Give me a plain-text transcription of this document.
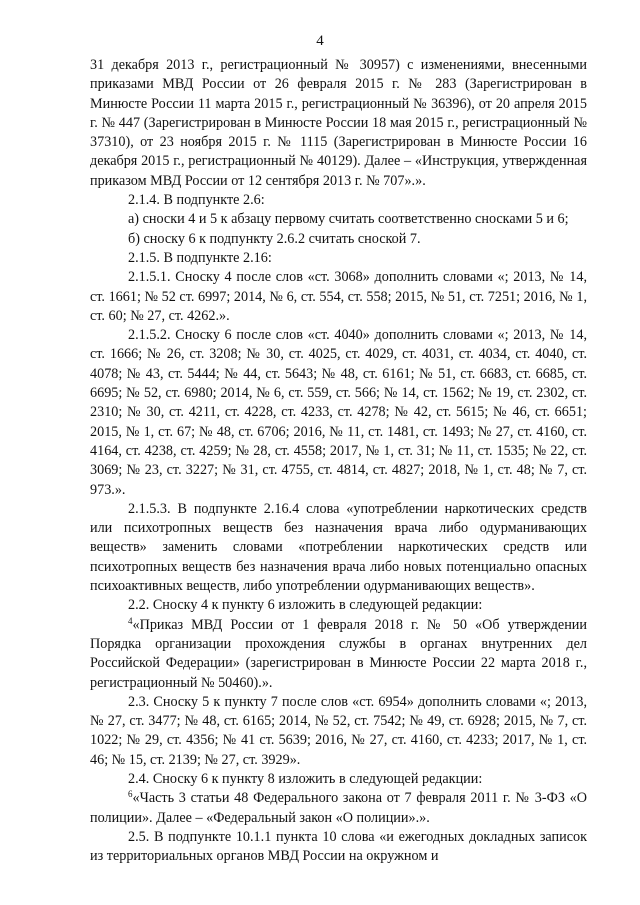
4

31 декабря 2013 г., регистрационный № 30957) с изменениями, внесенными приказами МВД России от 26 февраля 2015 г. № 283 (Зарегистрирован в Минюсте России 11 марта 2015 г., регистрационный № 36396), от 20 апреля 2015 г. № 447 (Зарегистрирован в Минюсте России 18 мая 2015 г., регистрационный № 37310), от 23 ноября 2015 г. № 1115 (Зарегистрирован в Минюсте России 16 декабря 2015 г., регистрационный № 40129). Далее – «Инструкция, утвержденная приказом МВД России от 12 сентября 2013 г. № 707».».

2.1.4. В подпункте 2.6:

а) сноски 4 и 5 к абзацу первому считать соответственно сносками 5 и 6;

б) сноску 6 к подпункту 2.6.2 считать сноской 7.

2.1.5. В подпункте 2.16:

2.1.5.1. Сноску 4 после слов «ст. 3068» дополнить словами «; 2013, № 14, ст. 1661; № 52 ст. 6997; 2014, № 6, ст. 554, ст. 558; 2015, № 51, ст. 7251; 2016, № 1, ст. 60; № 27, ст. 4262.».

2.1.5.2. Сноску 6 после слов «ст. 4040» дополнить словами «; 2013, № 14, ст. 1666; № 26, ст. 3208; № 30, ст. 4025, ст. 4029, ст. 4031, ст. 4034, ст. 4040, ст. 4078; № 43, ст. 5444; № 44, ст. 5643; № 48, ст. 6161; № 51, ст. 6683, ст. 6685, ст. 6695; № 52, ст. 6980; 2014, № 6, ст. 559, ст. 566; № 14, ст. 1562; № 19, ст. 2302, ст. 2310; № 30, ст. 4211, ст. 4228, ст. 4233, ст. 4278; № 42, ст. 5615; № 46, ст. 6651; 2015, № 1, ст. 67; № 48, ст. 6706; 2016, № 11, ст. 1481, ст. 1493; № 27, ст. 4160, ст. 4164, ст. 4238, ст. 4259; № 28, ст. 4558; 2017, № 1, ст. 31; № 11, ст. 1535; № 22, ст. 3069; № 23, ст. 3227; № 31, ст. 4755, ст. 4814, ст. 4827; 2018, № 1, ст. 48; № 7, ст. 973.».

2.1.5.3. В подпункте 2.16.4 слова «употреблении наркотических средств или психотропных веществ без назначения врача либо одурманивающих веществ» заменить словами «потреблении наркотических средств или психотропных веществ без назначения врача либо новых потенциально опасных психоактивных веществ, либо употреблении одурманивающих веществ».

2.2. Сноску 4 к пункту 6 изложить в следующей редакции:

$^4$«Приказ МВД России от 1 февраля 2018 г. № 50 «Об утверждении Порядка организации прохождения службы в органах внутренних дел Российской Федерации» (зарегистрирован в Минюсте России 22 марта 2018 г., регистрационный № 50460).».

2.3. Сноску 5 к пункту 7 после слов «ст. 6954» дополнить словами «; 2013, № 27, ст. 3477; № 48, ст. 6165; 2014, № 52, ст. 7542; № 49, ст. 6928; 2015, № 7, ст. 1022; № 29, ст. 4356; № 41 ст. 5639; 2016, № 27, ст. 4160, ст. 4233; 2017, № 1, ст. 46; № 15, ст. 2139; № 27, ст. 3929».

2.4. Сноску 6 к пункту 8 изложить в следующей редакции:

$^6$«Часть 3 статьи 48 Федерального закона от 7 февраля 2011 г. № 3-ФЗ «О полиции». Далее – «Федеральный закон «О полиции».».

2.5. В подпункте 10.1.1 пункта 10 слова «и ежегодных докладных записок из территориальных органов МВД России на окружном и
